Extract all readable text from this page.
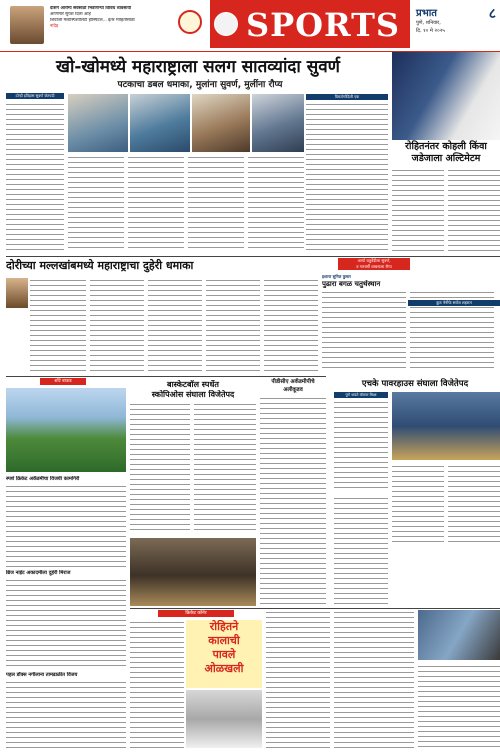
देशिंग आरोग्य सेवेसाठी भिडणाऱ्या विविध व्यवसायी
आणणारे सुयश दिला आहे
शिवाजी मल्टीस्पेशालिटी हॉस्पिटल... इतर माहितीसाठी
नांदेड़	SPORTS	प्रभात
पुणे, शनिवार,
दि. १० मे २०२५
८
खो-खोमध्ये महाराष्ट्राला सलग सातव्यांदा सुवर्ण
पटकाचा डबल धमाका, मुलांना सुवर्ण, मुलींना रौप्य
दोन्ही इतिहास सुवर्ण जेतपदी	विराटोगोदिली एक
रोहितनंतर कोहली किंवा
जडेजाला अल्टिमेटम
दोरीच्या मल्लखांबमध्ये महाराष्ट्राचा दुहेरी धमाका	आर्या चतुर्वेदीला सुवर्ण,
व गतवर्षी शाबनाला रौप्य
इशान्त सुनिल कुमार
पुढारा बगळ चतुर्थस्थान
कुठ नेनीफे सर्वज शहरात
शॉर्ट बाऊड
स्पर्श क्रिकेट अकॅडमीचा विजयी कामगिरी
ब्रिज नाईट अकादमीला दुहेरी मिराज
पहल डॉक्स नगीलाना तामढाळीत विजय
बास्केटबॉल स्पर्धेत
स्कोपिओस संघाला विजेतेपद
पीडीसीए अकॅडमीपीचे
अलीकूडव
एचके पावरहाउस संघाला विजेतेपद
पुणे धावते बॉलवर सिक्षा
क्रिकेट कॉर्नर
रोहितने
कालाची
पावले
ओळखली
